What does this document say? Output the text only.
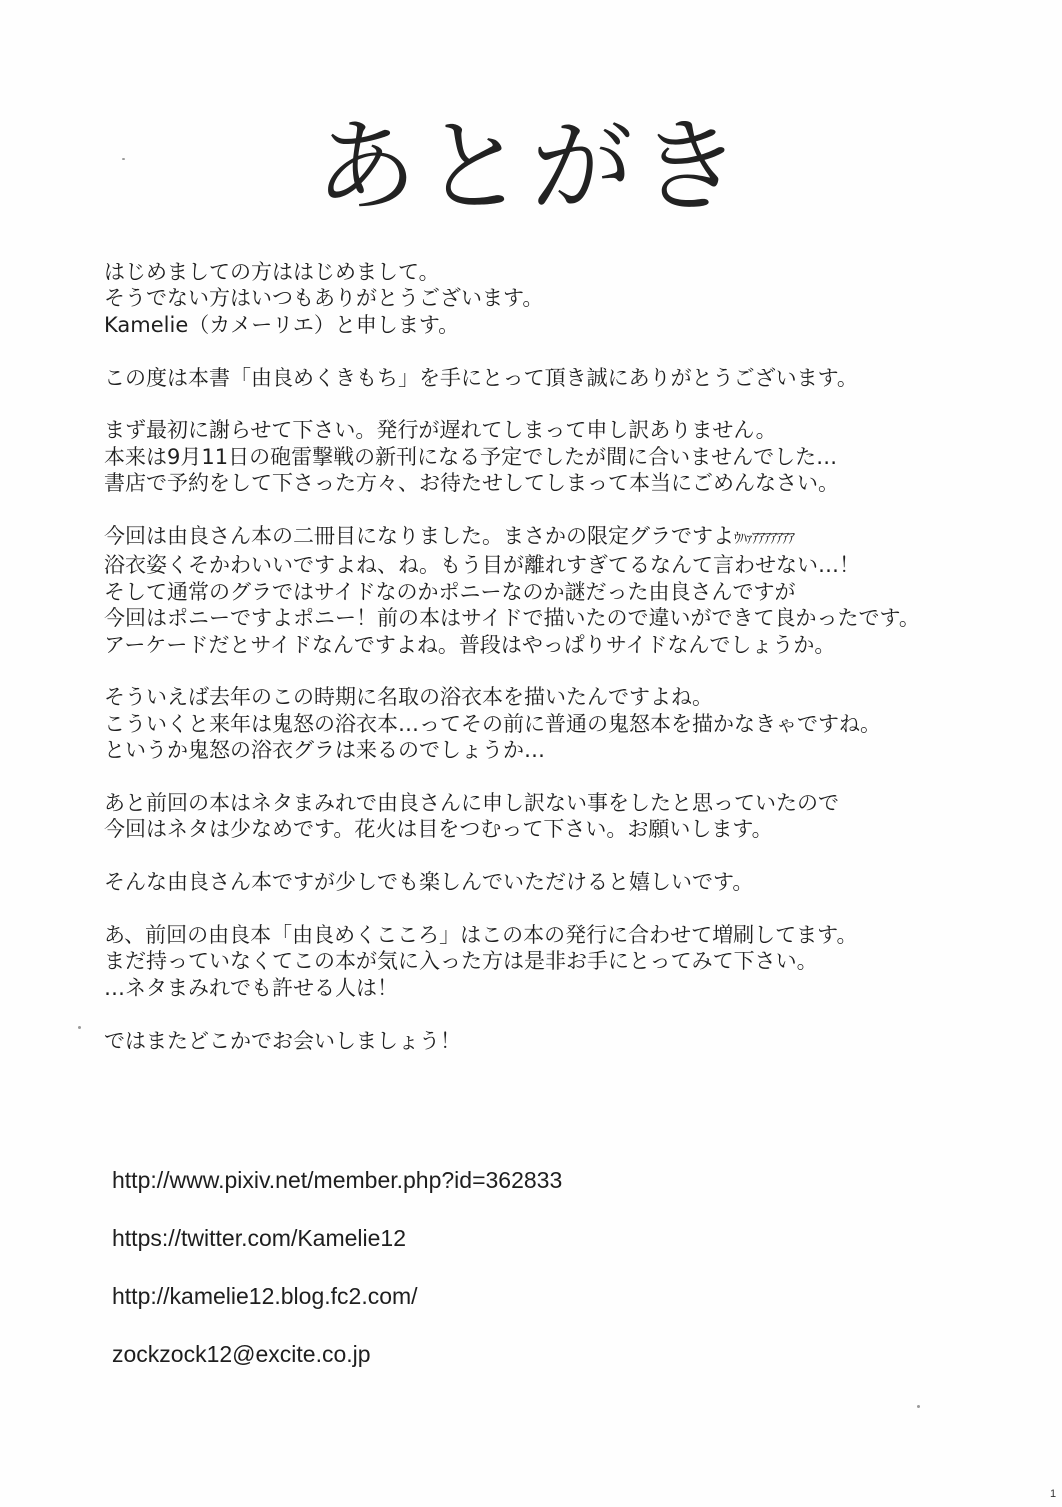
あとがき
はじめましての方ははじめまして。
そうでない方はいつもありがとうございます。
Kamelie（カメーリエ）と申します。
この度は本書「由良めくきもち」を手にとって頂き誠にありがとうございます。
まず最初に謝らせて下さい。発行が遅れてしまって申し訳ありません。
本来は9月11日の砲雷撃戦の新刊になる予定でしたが間に合いませんでした…
書店で予約をして下さった方々、お待たせしてしまって本当にごめんなさい。
今回は由良さん本の二冊目になりました。まさかの限定グラですよｳﾊｧｱｱｱｱｱｱｱ
浴衣姿くそかわいいですよね、ね。もう目が離れすぎてるなんて言わせない…！
そして通常のグラではサイドなのかポニーなのか謎だった由良さんですが
今回はポニーですよポニー！前の本はサイドで描いたので違いができて良かったです。
アーケードだとサイドなんですよね。普段はやっぱりサイドなんでしょうか。
そういえば去年のこの時期に名取の浴衣本を描いたんですよね。
こういくと来年は鬼怒の浴衣本…ってその前に普通の鬼怒本を描かなきゃですね。
というか鬼怒の浴衣グラは来るのでしょうか…
あと前回の本はネタまみれで由良さんに申し訳ない事をしたと思っていたので
今回はネタは少なめです。花火は目をつむって下さい。お願いします。
そんな由良さん本ですが少しでも楽しんでいただけると嬉しいです。
あ、前回の由良本「由良めくこころ」はこの本の発行に合わせて増刷してます。
まだ持っていなくてこの本が気に入った方は是非お手にとってみて下さい。
…ネタまみれでも許せる人は！
ではまたどこかでお会いしましょう！
http://www.pixiv.net/member.php?id=362833
https://twitter.com/Kamelie12
http://kamelie12.blog.fc2.com/
zockzock12@excite.co.jp
1
